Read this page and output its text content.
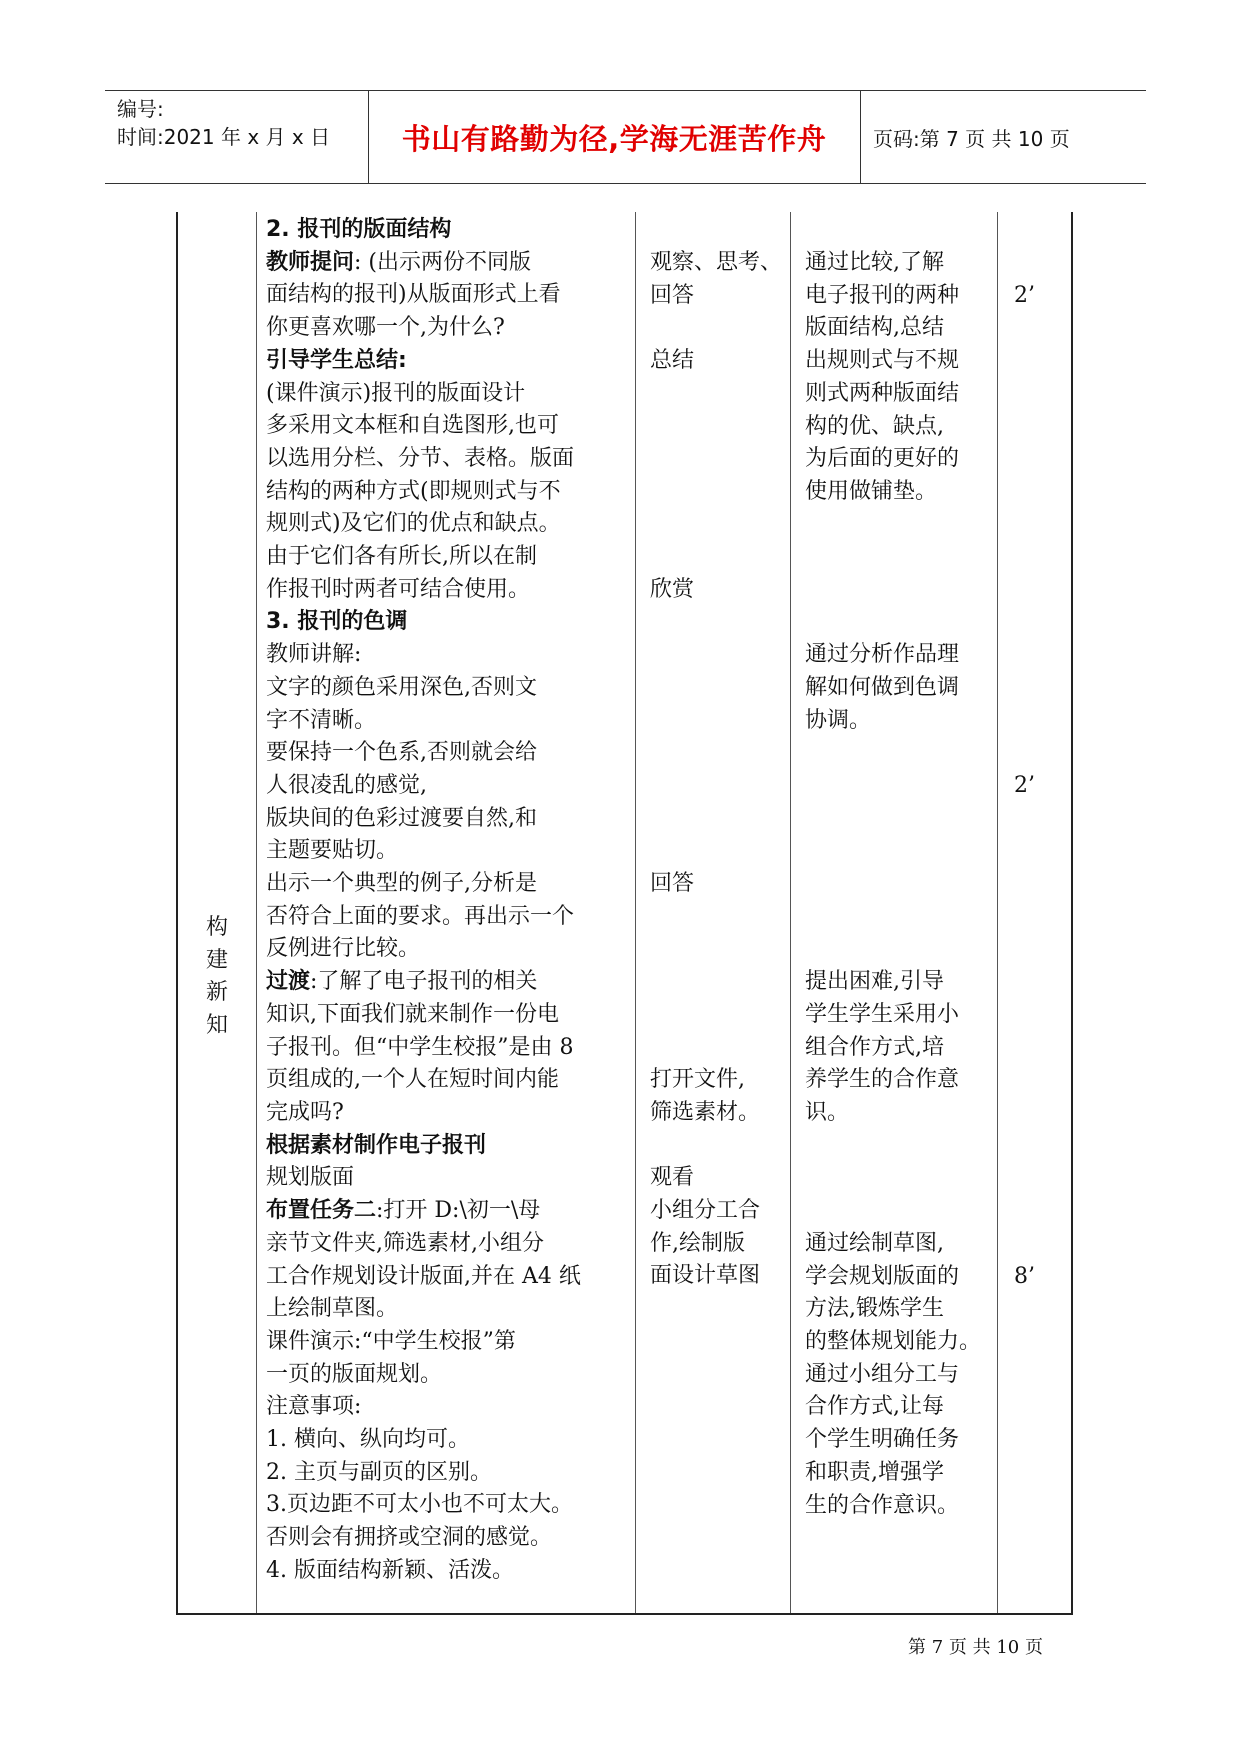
编号:
时间:2021 年 x 月 x 日	书山有路勤为径,学海无涯苦作舟	页码:第 7 页 共 10 页
构
建
新
知

2. 报刊的版面结构

教师提问: (出示两份不同版

面结构的报刊)从版面形式上看

你更喜欢哪一个,为什么?

引导学生总结:

(课件演示)报刊的版面设计

多采用文本框和自选图形,也可

以选用分栏、分节、表格。版面

结构的两种方式(即规则式与不

规则式)及它们的优点和缺点。

由于它们各有所长,所以在制

作报刊时两者可结合使用。

3. 报刊的色调

教师讲解:

文字的颜色采用深色,否则文

字不清晰。

要保持一个色系,否则就会给

人很凌乱的感觉,

版块间的色彩过渡要自然,和

主题要贴切。

出示一个典型的例子,分析是

否符合上面的要求。再出示一个

反例进行比较。

过渡:了解了电子报刊的相关

知识,下面我们就来制作一份电

子报刊。但“中学生校报”是由 8

页组成的,一个人在短时间内能

完成吗?

根据素材制作电子报刊

规划版面

布置任务二:打开 D:\初一\母

亲节文件夹,筛选素材,小组分

工合作规划设计版面,并在 A4 纸

上绘制草图。

课件演示:“中学生校报”第

一页的版面规划。

注意事项:

1. 横向、纵向均可。

2. 主页与副页的区别。

3.页边距不可太小也不可太大。

否则会有拥挤或空洞的感觉。

4. 版面结构新颖、活泼。

观察、思考、

回答

总结

欣赏

回答

打开文件,

筛选素材。

观看

小组分工合

作,绘制版

面设计草图

通过比较,了解

电子报刊的两种

版面结构,总结

出规则式与不规

则式两种版面结

构的优、缺点,

为后面的更好的

使用做铺垫。

通过分析作品理

解如何做到色调

协调。

提出困难,引导

学生学生采用小

组合作方式,培

养学生的合作意

识。

通过绘制草图,

学会规划版面的

方法,锻炼学生

的整体规划能力。

通过小组分工与

合作方式,让每

个学生明确任务

和职责,增强学

生的合作意识。

2’

2’

8’

第 7 页 共 10 页
